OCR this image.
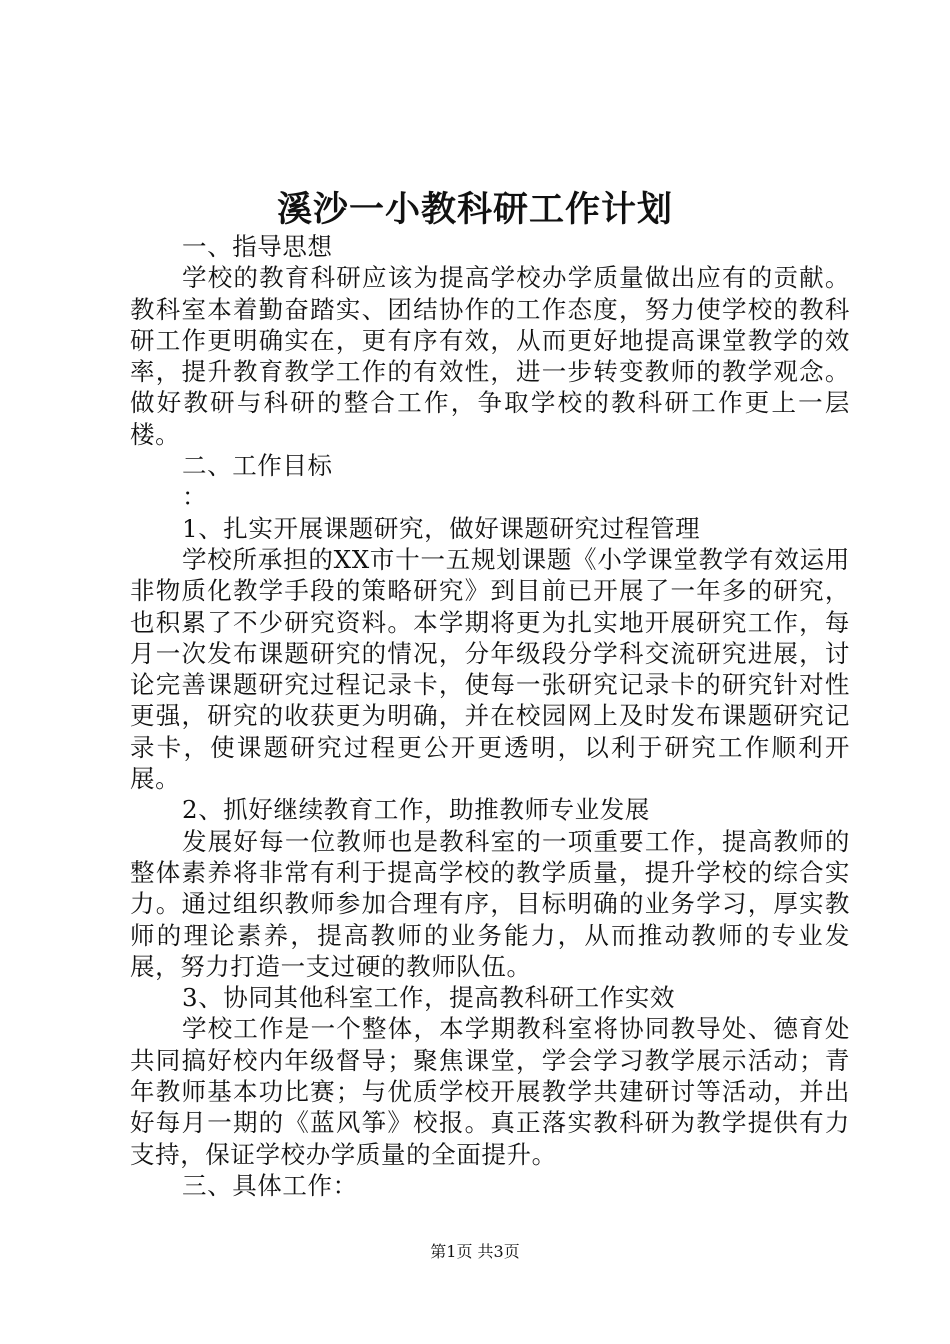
溪沙一小教科研工作计划

一、指导思想

学校的教育科研应该为提高学校办学质量做出应有的贡献。教科室本着勤奋踏实、团结协作的工作态度，努力使学校的教科研工作更明确实在，更有序有效，从而更好地提高课堂教学的效率，提升教育教学工作的有效性，进一步转变教师的教学观念。做好教研与科研的整合工作，争取学校的教科研工作更上一层楼。

二、工作目标

：

1、扎实开展课题研究，做好课题研究过程管理

学校所承担的XX市十一五规划课题《小学课堂教学有效运用非物质化教学手段的策略研究》到目前已开展了一年多的研究，也积累了不少研究资料。本学期将更为扎实地开展研究工作，每月一次发布课题研究的情况，分年级段分学科交流研究进展，讨论完善课题研究过程记录卡，使每一张研究记录卡的研究针对性更强，研究的收获更为明确，并在校园网上及时发布课题研究记录卡，使课题研究过程更公开更透明，以利于研究工作顺利开展。

2、抓好继续教育工作，助推教师专业发展

发展好每一位教师也是教科室的一项重要工作，提高教师的整体素养将非常有利于提高学校的教学质量，提升学校的综合实力。通过组织教师参加合理有序，目标明确的业务学习，厚实教师的理论素养，提高教师的业务能力，从而推动教师的专业发展，努力打造一支过硬的教师队伍。

3、协同其他科室工作，提高教科研工作实效

学校工作是一个整体，本学期教科室将协同教导处、德育处共同搞好校内年级督导；聚焦课堂，学会学习教学展示活动；青年教师基本功比赛；与优质学校开展教学共建研讨等活动，并出好每月一期的《蓝风筝》校报。真正落实教科研为教学提供有力支持，保证学校办学质量的全面提升。

三、具体工作：

第1页 共3页
